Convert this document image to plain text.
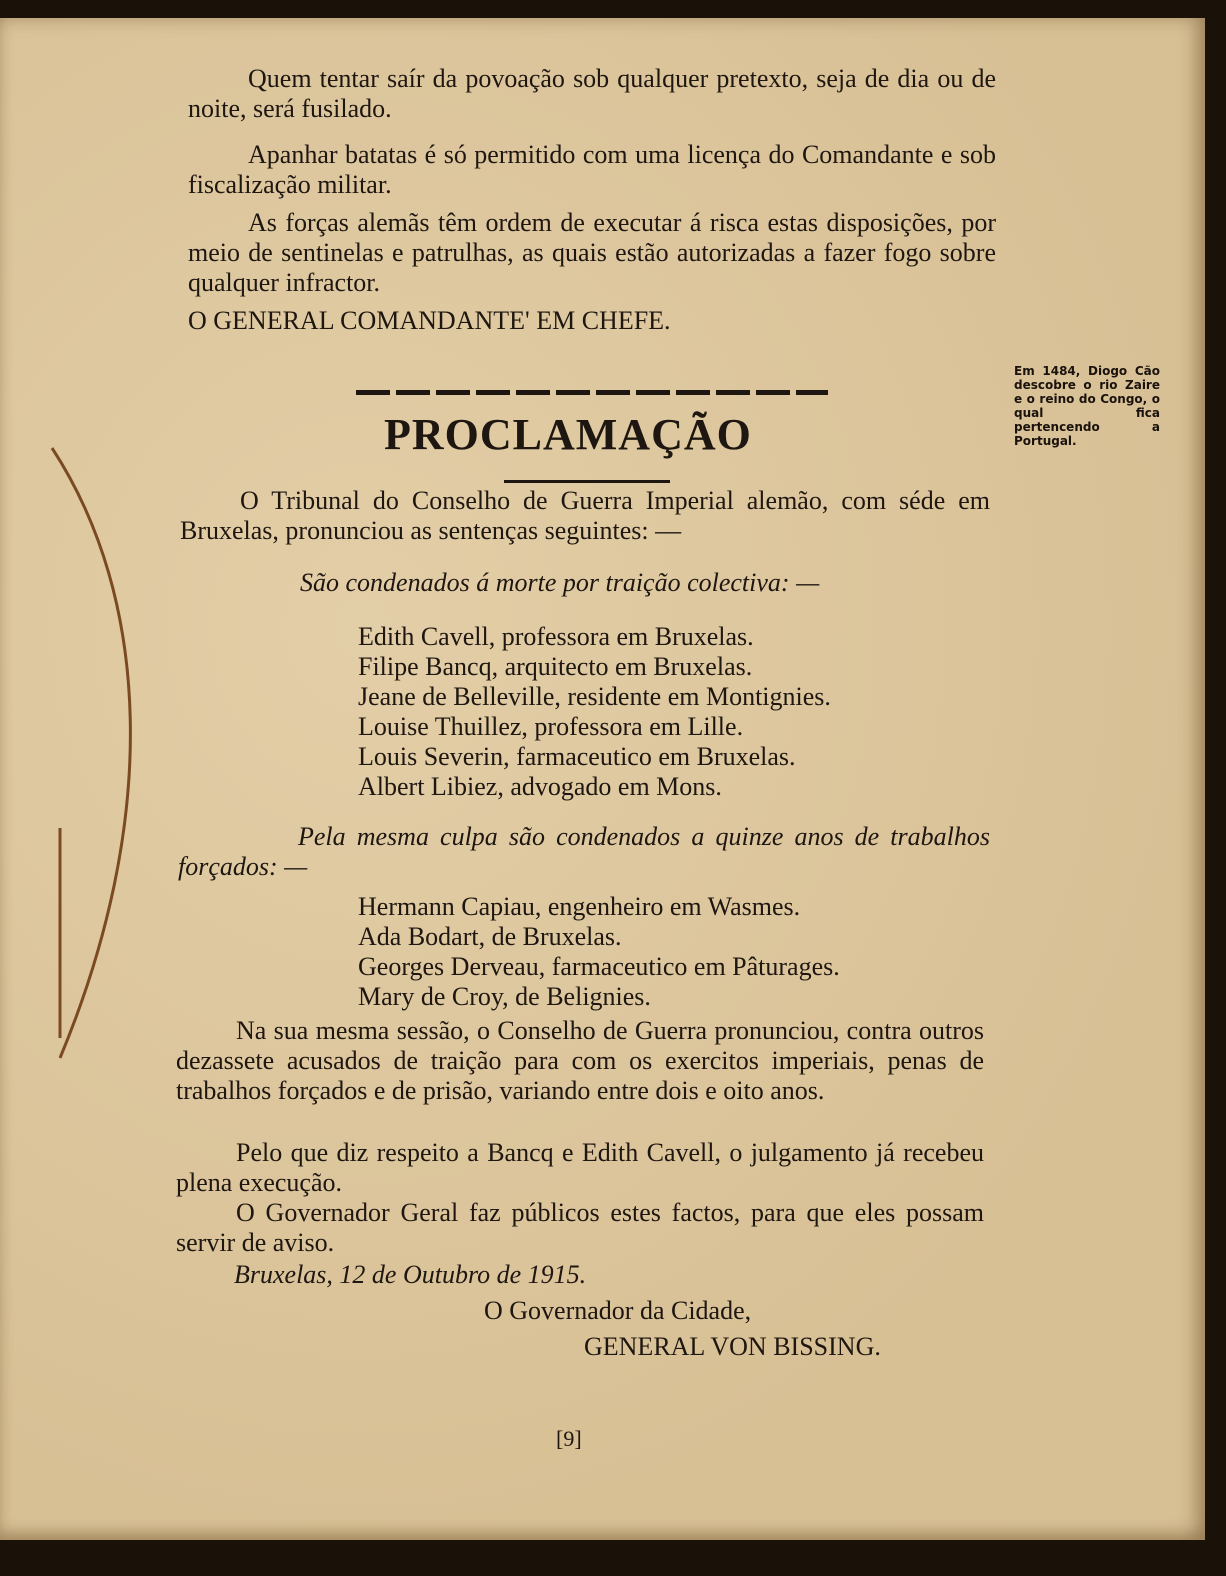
Quem tentar saír da povoação sob qualquer pretexto, seja de dia ou de noite, será fusilado.
Apanhar batatas é só permitido com uma licença do Comandante e sob fiscalização militar.
As forças alemãs têm ordem de executar á risca estas disposições, por meio de sentinelas e patrulhas, as quais estão autorizadas a fazer fogo sobre qualquer infractor.
O GENERAL COMANDANTE' EM CHEFE.
Em 1484, Diogo Cão descobre o rio Zaire e o reino do Congo, o qual fica pertencendo a Portugal.
PROCLAMAÇÃO
O Tribunal do Conselho de Guerra Imperial alemão, com séde em Bruxelas, pronunciou as sentenças seguintes: —
São condenados á morte por traição colectiva: —
Edith Cavell, professora em Bruxelas.
Filipe Bancq, arquitecto em Bruxelas.
Jeane de Belleville, residente em Montignies.
Louise Thuillez, professora em Lille.
Louis Severin, farmaceutico em Bruxelas.
Albert Libiez, advogado em Mons.
Pela mesma culpa são condenados a quinze anos de trabalhos forçados: —
Hermann Capiau, engenheiro em Wasmes.
Ada Bodart, de Bruxelas.
Georges Derveau, farmaceutico em Pâturages.
Mary de Croy, de Belignies.
Na sua mesma sessão, o Conselho de Guerra pronunciou, contra outros dezassete acusados de traição para com os exercitos imperiais, penas de trabalhos forçados e de prisão, variando entre dois e oito anos.
Pelo que diz respeito a Bancq e Edith Cavell, o julgamento já recebeu plena execução.
O Governador Geral faz públicos estes factos, para que eles possam servir de aviso.
Bruxelas, 12 de Outubro de 1915.
O Governador da Cidade,
GENERAL VON BISSING.
[9]
